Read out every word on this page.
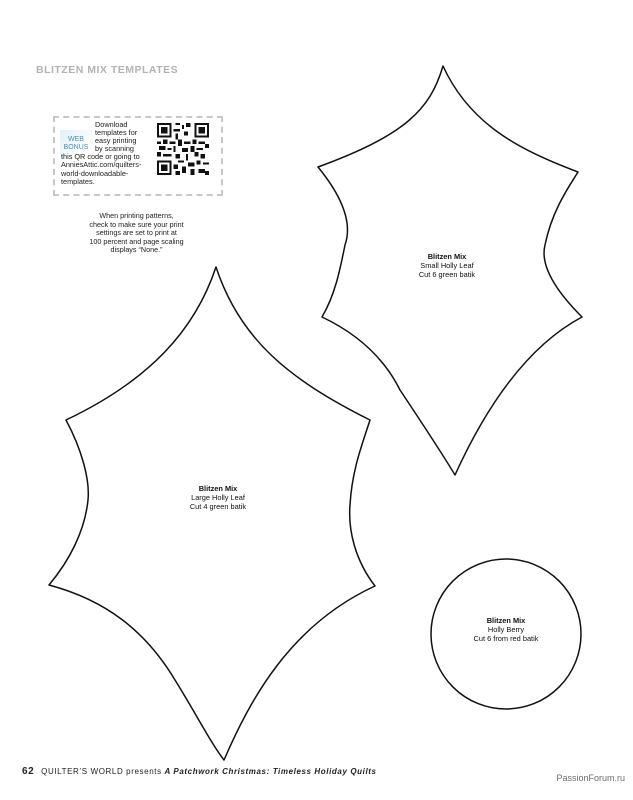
BLITZEN MIX TEMPLATES
WEB
BONUS
Download
templates for
easy printing
by scanning
this QR code or going to
AnniesAttic.com/quilters-
world-downloadable-
templates.
When printing patterns,
check to make sure your print
settings are set to print at
100 percent and page scaling
displays “None.”
Blitzen Mix
Small Holly Leaf
Cut 6 green batik
Blitzen Mix
Large Holly Leaf
Cut 4 green batik
Blitzen Mix
Holly Berry
Cut 6 from red batik
62 QUILTER’S WORLD presents A Patchwork Christmas: Timeless Holiday Quilts
PassionForum.ru
